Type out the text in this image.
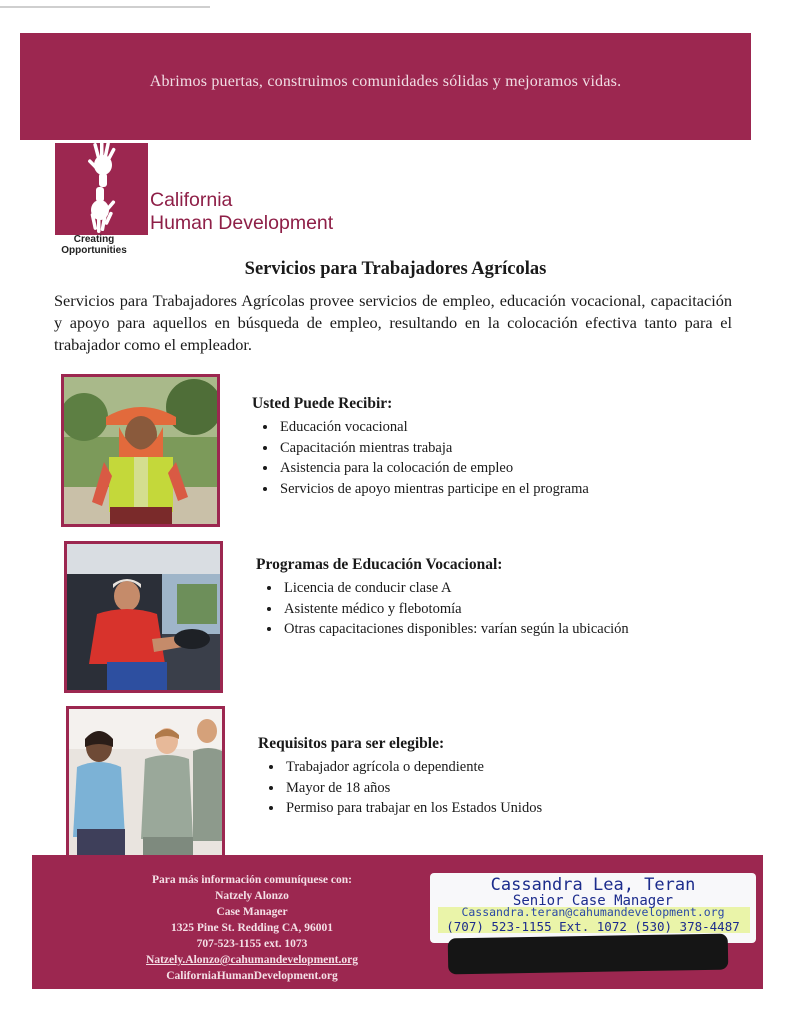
Abrimos puertas, construimos comunidades sólidas y mejoramos vidas.
California
Human Development
Creating
Opportunities
Servicios para Trabajadores Agrícolas
Servicios para Trabajadores Agrícolas provee servicios de empleo, educación vocacional, capacitación y apoyo para aquellos en búsqueda de empleo, resultando en la colocación efectiva tanto para el trabajador como el empleador.
Usted Puede Recibir:
• Educación vocacional
• Capacitación mientras trabaja
• Asistencia para la colocación de empleo
• Servicios de apoyo mientras participe en el programa
Programas de Educación Vocacional:
• Licencia de conducir clase A
• Asistente médico y flebotomía
• Otras capacitaciones disponibles: varían según la ubicación
Requisitos para ser elegible:
• Trabajador agrícola o dependiente
• Mayor de 18 años
• Permiso para trabajar en los Estados Unidos
Para más información comuníquese con:
Natzely Alonzo
Case Manager
1325 Pine St. Redding CA, 96001
707-523-1155 ext. 1073
Natzely.Alonzo@cahumandevelopment.org
CaliforniaHumanDevelopment.org
Cassandra Lea, Teran
Senior Case Manager
Cassandra.teran@cahumandevelopment.org
(707) 523-1155 Ext. 1072 (530) 378-4487
